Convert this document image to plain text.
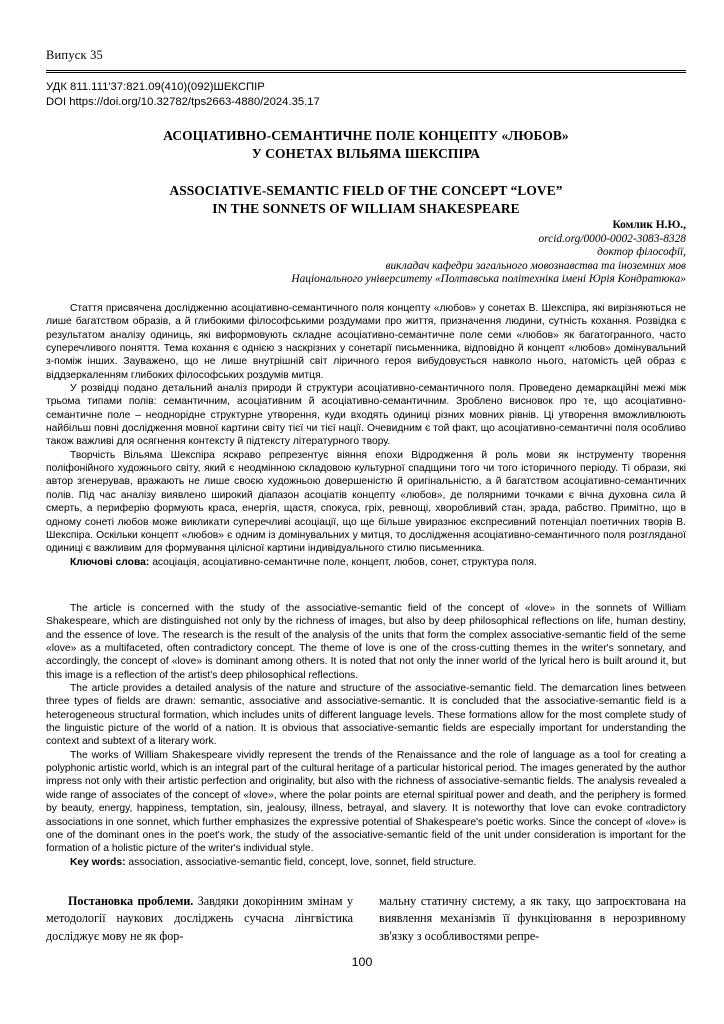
Випуск 35
УДК 811.111'37:821.09(410)(092)ШЕКСПІР
DOI https://doi.org/10.32782/tps2663-4880/2024.35.17
АСОЦІАТИВНО-СЕМАНТИЧНЕ ПОЛЕ КОНЦЕПТУ «ЛЮБОВ»
У СОНЕТАХ ВІЛЬЯМА ШЕКСПІРА
ASSOCIATIVE-SEMANTIC FIELD OF THE CONCEPT “LOVE”
IN THE SONNETS OF WILLIAM SHAKESPEARE
Комлик Н.Ю.,
orcid.org/0000-0002-3083-8328
доктор філософії,
викладач кафедри загального мовознавства та іноземних мов
Національного університету «Полтавська політехніка імені Юрія Кондратюка»

Стаття присвячена дослідженню асоціативно-семантичного поля концепту «любов» у сонетах В. Шекспіра, які вирізняються не лише багатством образів, а й глибокими філософськими роздумами про життя, призначення людини, сутність кохання. Розвідка є результатом аналізу одиниць, які виформовують складне асоціативно-семантичне поле семи «любов» як багатогранного, часто суперечливого поняття. Тема кохання є однією з наскрізних у сонетарії письменника, відповідно й концепт «любов» домінувальний з-поміж інших. Зауважено, що не лише внутрішній світ ліричного героя вибудовується навколо нього, натомість цей образ є віддзеркаленням глибоких філософських роздумів митця.

У розвідці подано детальний аналіз природи й структури асоціативно-семантичного поля. Проведено демаркаційні межі між трьома типами полів: семантичним, асоціативним й асоціативно-семантичним. Зроблено висновок про те, що асоціативно-семантичне поле – неоднорідне структурне утворення, куди входять одиниці різних мовних рівнів. Ці утворення вможливлюють найбільш повні дослідження мовної картини світу тієї чи тієї нації. Очевидним є той факт, що асоціативно-семантичні поля особливо також важливі для осягнення контексту й підтексту літературного твору.

Творчість Вільяма Шекспіра яскраво репрезентує віяння епохи Відродження й роль мови як інструменту творення поліфонійного художнього світу, який є неодмінною складовою культурної спадщини того чи того історичного періоду. Ті образи, які автор згенерував, вражають не лише своєю художньою довершеністю й оригінальністю, а й багатством асоціативно-семантичних полів. Під час аналізу виявлено широкий діапазон асоціатів концепту «любов», де полярними точками є вічна духовна сила й смерть, а периферію формують краса, енергія, щастя, спокуса, гріх, ревнощі, хворобливий стан, зрада, рабство. Примітно, що в одному сонеті любов може викликати суперечливі асоціації, що ще більше увиразнює експресивний потенціал поетичних творів В. Шекспіра. Оскільки концепт «любов» є одним із домінувальних у митця, то дослідження асоціативно-семантичного поля розгляданої одиниці є важливим для формування цілісної картини індивідуального стилю письменника.

Ключові слова: асоціація, асоціативно-семантичне поле, концепт, любов, сонет, структура поля.

The article is concerned with the study of the associative-semantic field of the concept of «love» in the sonnets of William Shakespeare, which are distinguished not only by the richness of images, but also by deep philosophical reflections on life, human destiny, and the essence of love. The research is the result of the analysis of the units that form the complex associative-semantic field of the seme «love» as a multifaceted, often contradictory concept. The theme of love is one of the cross-cutting themes in the writer's sonnetary, and accordingly, the concept of «love» is dominant among others. It is noted that not only the inner world of the lyrical hero is built around it, but this image is a reflection of the artist's deep philosophical reflections.

The article provides a detailed analysis of the nature and structure of the associative-semantic field. The demarcation lines between three types of fields are drawn: semantic, associative and associative-semantic. It is concluded that the associative-semantic field is a heterogeneous structural formation, which includes units of different language levels. These formations allow for the most complete study of the linguistic picture of the world of a nation. It is obvious that associative-semantic fields are especially important for understanding the context and subtext of a literary work.

The works of William Shakespeare vividly represent the trends of the Renaissance and the role of language as a tool for creating a polyphonic artistic world, which is an integral part of the cultural heritage of a particular historical period. The images generated by the author impress not only with their artistic perfection and originality, but also with the richness of associative-semantic fields. The analysis revealed a wide range of associates of the concept of «love», where the polar points are eternal spiritual power and death, and the periphery is formed by beauty, energy, happiness, temptation, sin, jealousy, illness, betrayal, and slavery. It is noteworthy that love can evoke contradictory associations in one sonnet, which further emphasizes the expressive potential of Shakespeare's poetic works. Since the concept of «love» is one of the dominant ones in the poet's work, the study of the associative-semantic field of the unit under consideration is important for the formation of a holistic picture of the writer's individual style.

Key words: association, associative-semantic field, concept, love, sonnet, field structure.

Постановка проблеми. Завдяки докорінним змінам у методології наукових досліджень сучасна лінгвістика досліджує мову не як фор-

мальну статичну систему, а як таку, що запроєктована на виявлення механізмів її функціювання в нерозривному зв'язку з особливостями репре-

100
